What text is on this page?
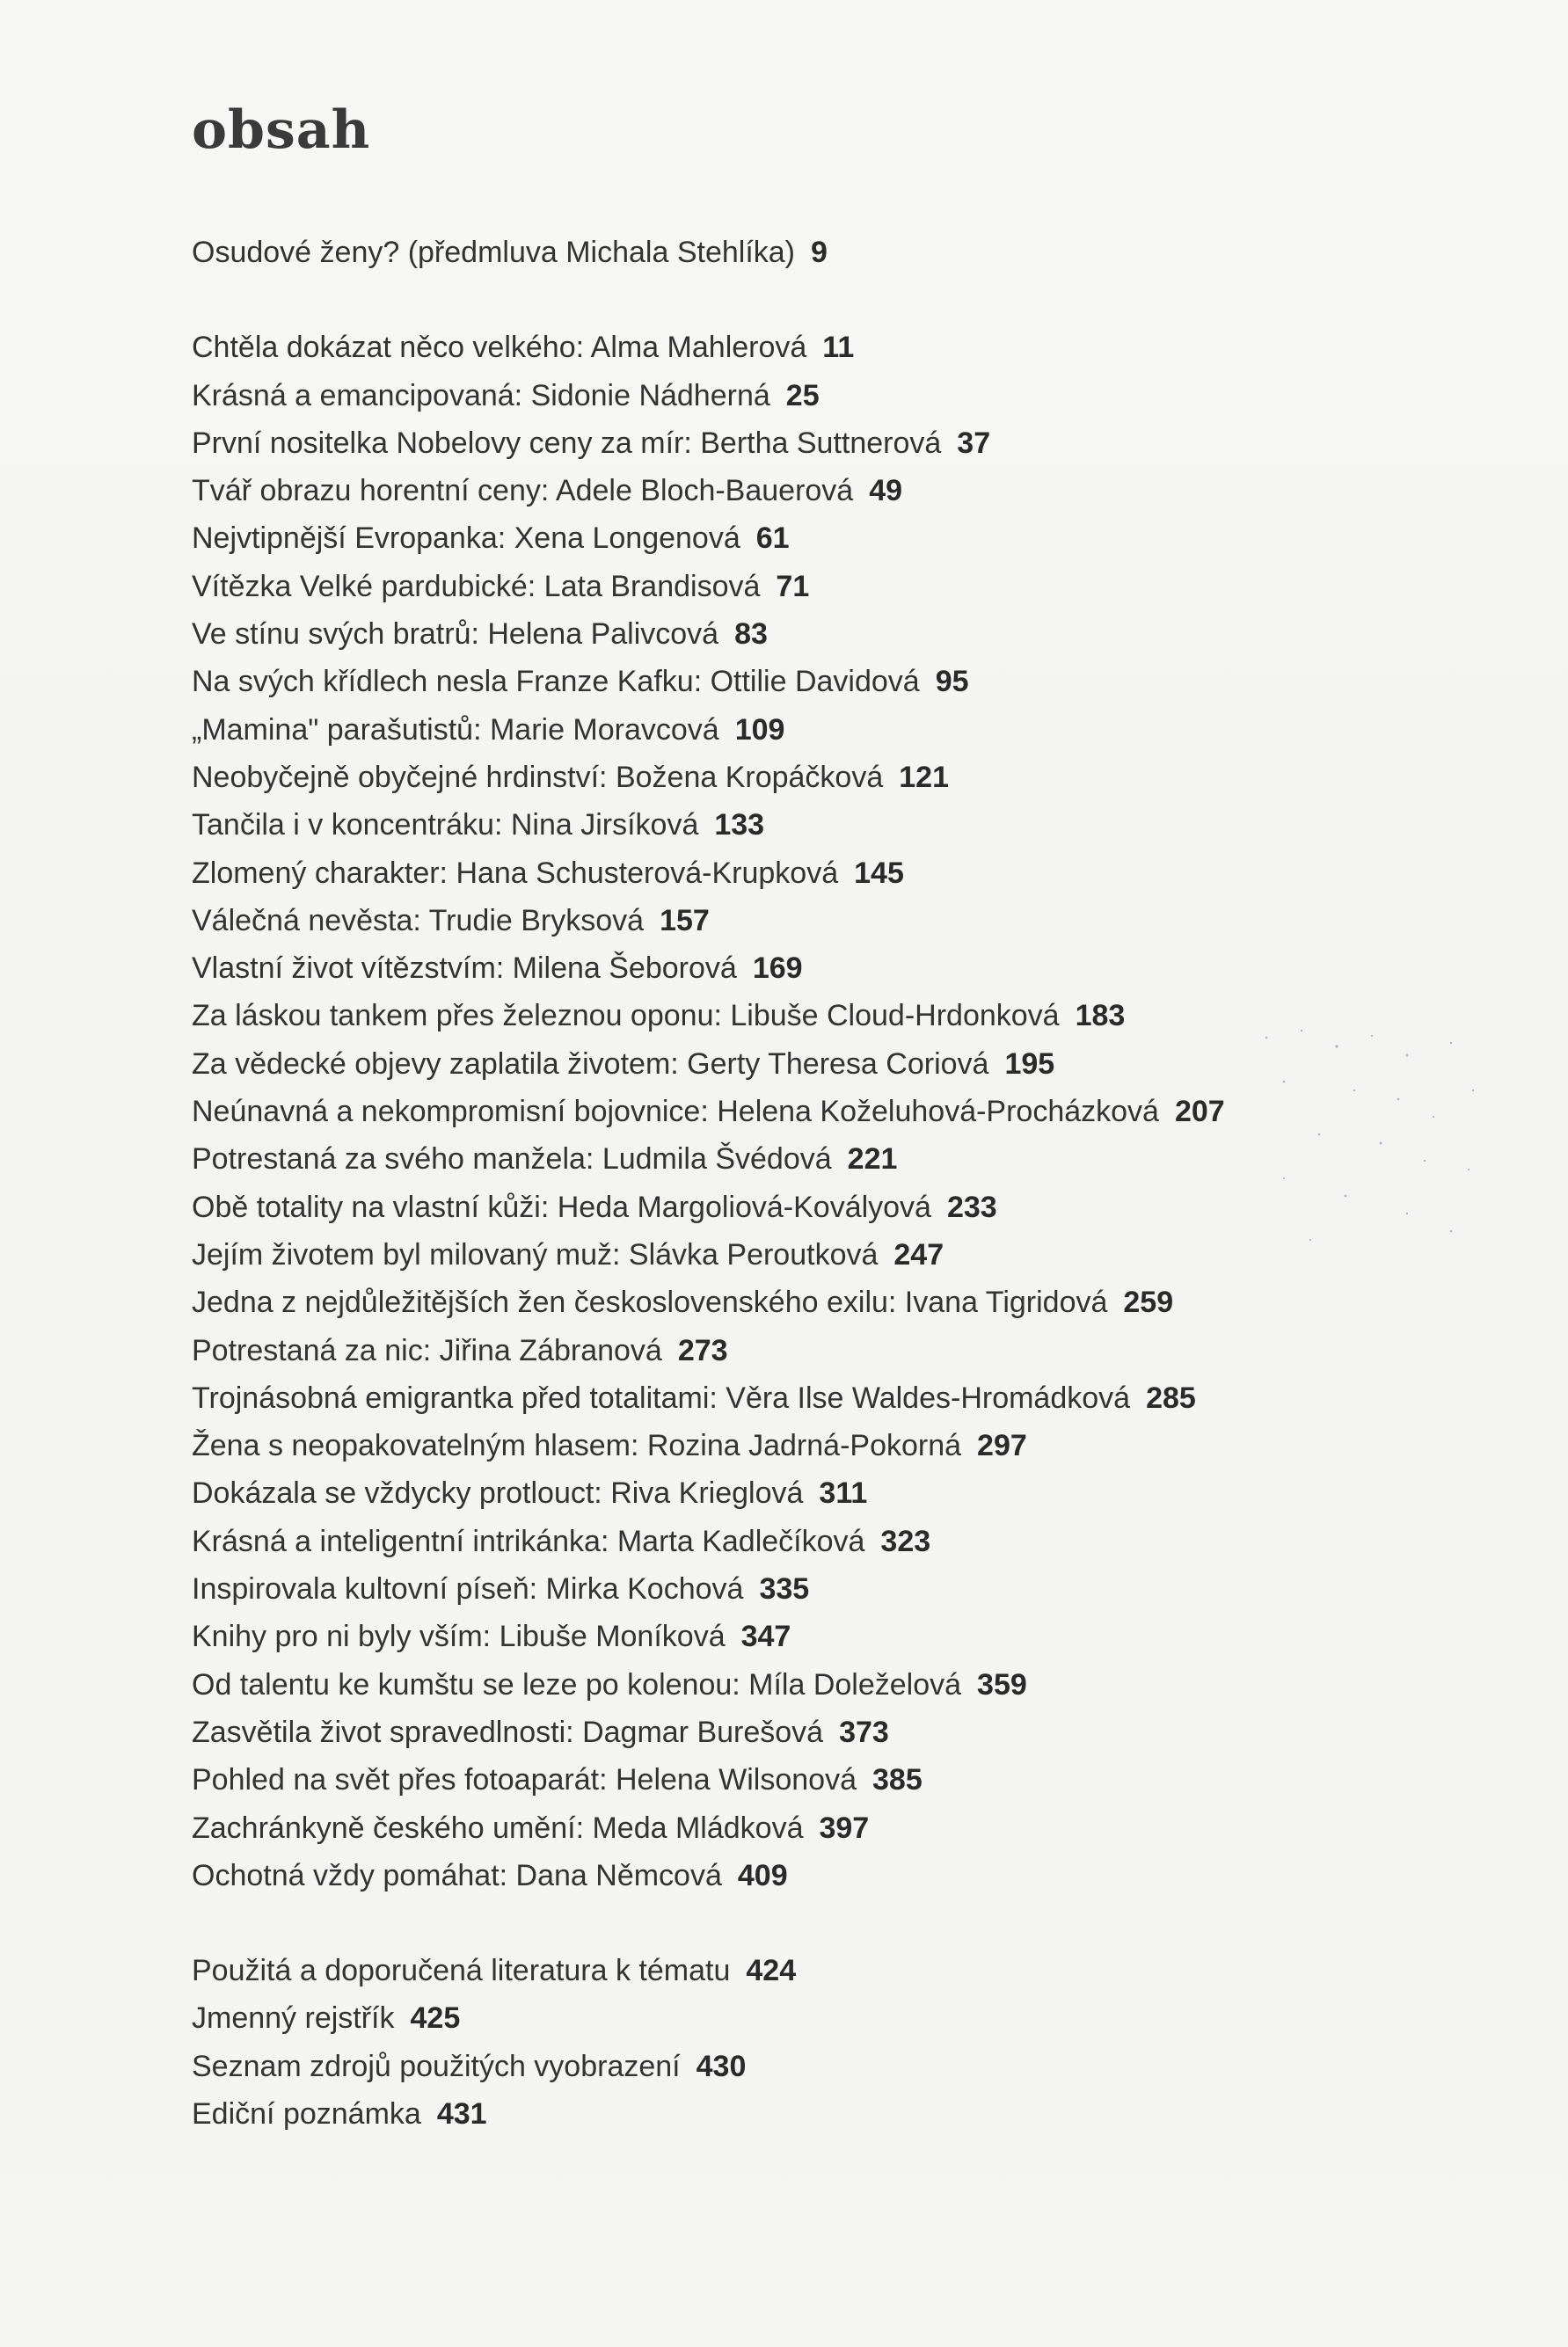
obsah
Osudové ženy? (předmluva Michala Stehlíka) 9
Chtěla dokázat něco velkého: Alma Mahlerová 11
Krásná a emancipovaná: Sidonie Nádherná 25
První nositelka Nobelovy ceny za mír: Bertha Suttnerová 37
Tvář obrazu horentní ceny: Adele Bloch-Bauerová 49
Nejvtipnější Evropanka: Xena Longenová 61
Vítězka Velké pardubické: Lata Brandisová 71
Ve stínu svých bratrů: Helena Palivcová 83
Na svých křídlech nesla Franze Kafku: Ottilie Davidová 95
„Mamina" parašutistů: Marie Moravcová 109
Neobyčejně obyčejné hrdinství: Božena Kropáčková 121
Tančila i v koncentráku: Nina Jirsíková 133
Zlomený charakter: Hana Schusterová-Krupková 145
Válečná nevěsta: Trudie Bryksová 157
Vlastní život vítězstvím: Milena Šeborová 169
Za láskou tankem přes železnou oponu: Libuše Cloud-Hrdonková 183
Za vědecké objevy zaplatila životem: Gerty Theresa Coriová 195
Neúnavná a nekompromisní bojovnice: Helena Koželuhová-Procházková 207
Potrestaná za svého manžela: Ludmila Švédová 221
Obě totality na vlastní kůži: Heda Margoliová-Kovályová 233
Jejím životem byl milovaný muž: Slávka Peroutková 247
Jedna z nejdůležitějších žen československého exilu: Ivana Tigridová 259
Potrestaná za nic: Jiřina Zábranová 273
Trojnásobná emigrantka před totalitami: Věra Ilse Waldes-Hromádková 285
Žena s neopakovatelným hlasem: Rozina Jadrná-Pokorná 297
Dokázala se vždycky protlouct: Riva Krieglová 311
Krásná a inteligentní intrikánka: Marta Kadlečíková 323
Inspirovala kultovní píseň: Mirka Kochová 335
Knihy pro ni byly vším: Libuše Moníková 347
Od talentu ke kumštu se leze po kolenou: Míla Doleželová 359
Zasvětila život spravedlnosti: Dagmar Burešová 373
Pohled na svět přes fotoaparát: Helena Wilsonová 385
Zachránkyně českého umění: Meda Mládková 397
Ochotná vždy pomáhat: Dana Němcová 409
Použitá a doporučená literatura k tématu 424
Jmenný rejstřík 425
Seznam zdrojů použitých vyobrazení 430
Ediční poznámka 431
